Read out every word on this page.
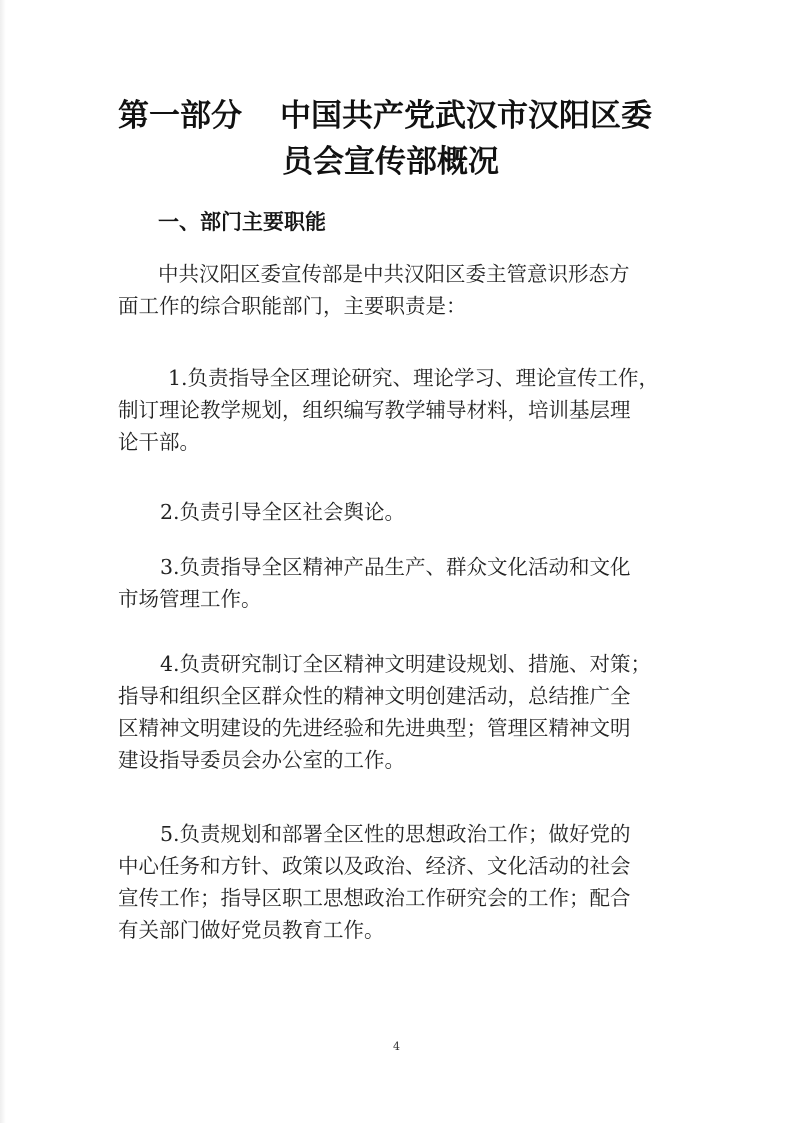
第一部分 中国共产党武汉市汉阳区委
员会宣传部概况
一、部门主要职能

中共汉阳区委宣传部是中共汉阳区委主管意识形态方
面工作的综合职能部门，主要职责是：

1.负责指导全区理论研究、理论学习、理论宣传工作，
制订理论教学规划，组织编写教学辅导材料，培训基层理
论干部。

2.负责引导全区社会舆论。

3.负责指导全区精神产品生产、群众文化活动和文化
市场管理工作。

4.负责研究制订全区精神文明建设规划、措施、对策；
指导和组织全区群众性的精神文明创建活动，总结推广全
区精神文明建设的先进经验和先进典型；管理区精神文明
建设指导委员会办公室的工作。

5.负责规划和部署全区性的思想政治工作；做好党的
中心任务和方针、政策以及政治、经济、文化活动的社会
宣传工作；指导区职工思想政治工作研究会的工作；配合
有关部门做好党员教育工作。

4
